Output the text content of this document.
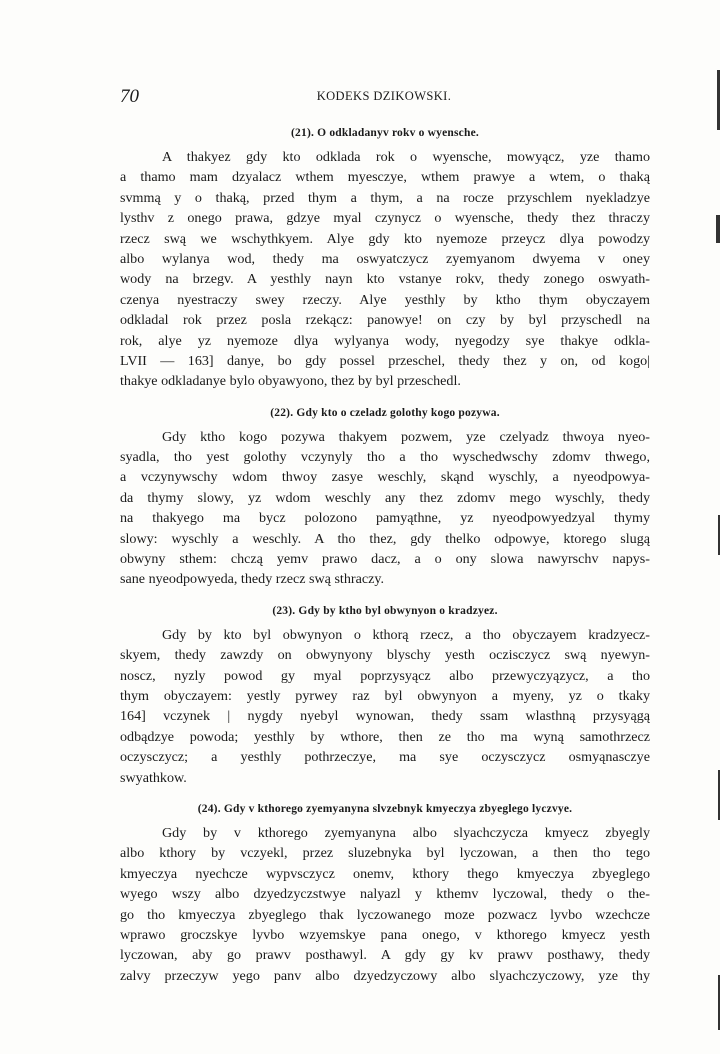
70	KODEKS DZIKOWSKI.
(21). O odkladanyv rokv o wyensche.
A thakyez gdy kto odklada rok o wyensche, mowyącz, yze thamo
a thamo mam dzyalacz wthem myesczye, wthem prawye a wtem, o thaką
svmmą y o thaką, przed thym a thym, a na rocze przyschlem nyekladzye
lysthv z onego prawa, gdzye myal czynycz o wyensche, thedy thez thraczy
rzecz swą we wschythkyem. Alye gdy kto nyemoze przeycz dlya powodzy
albo wylanya wod, thedy ma oswyatczycz zyemyanom dwyema v oney
wody na brzegv. A yesthly nayn kto vstanye rokv, thedy zonego oswyath-
czenya nyestraczy swey rzeczy. Alye yesthly by ktho thym obyczayem
odkladal rok przez posla rzekącz: panowye! on czy by byl przyschedl na
rok, alye yz nyemoze dlya wylyanya wody, nyegodzy sye thakye odkla-
LVII — 163] danye, bo gdy possel przeschel, thedy thez y on, od kogo|
thakye odkladanye bylo obyawyono, thez by byl przeschedl.
(22). Gdy kto o czeladz golothy kogo pozywa.
Gdy ktho kogo pozywa thakyem pozwem, yze czelyadz thwoya nyeo-
syadla, tho yest golothy vczynyly tho a tho wyschedwschy zdomv thwego,
a vczynywschy wdom thwoy zasye weschly, skąnd wyschly, a nyeodpowya-
da thymy slowy, yz wdom weschly any thez zdomv mego wyschly, thedy
na thakyego ma bycz polozono pamyąthne, yz nyeodpowyedzyal thymy
slowy: wyschly a weschly. A tho thez, gdy thelko odpowye, ktorego slugą
obwyny sthem: chczą yemv prawo dacz, a o ony slowa nawyrschv napys-
sane nyeodpowyeda, thedy rzecz swą sthraczy.
(23). Gdy by ktho byl obwynyon o kradzyez.
Gdy by kto byl obwynyon o kthorą rzecz, a tho obyczayem kradzyecz-
skyem, thedy zawzdy on obwynyony blyschy yesth oczisczycz swą nyewyn-
noscz, nyzly powod gy myal poprzysyącz albo przewyczyązycz, a tho
thym obyczayem: yestly pyrwey raz byl obwynyon a myeny, yz o tkaky
164] vczynek | nygdy nyebyl wynowan, thedy ssam wlasthną przysyągą
odbądzye powoda; yesthly by wthore, then ze tho ma wyną samothrzecz
oczysczycz; a yesthly pothrzeczye, ma sye oczysczycz osmyąnasczye
swyathkow.
(24). Gdy v kthorego zyemyanyna slvzebnyk kmyeczya zbyeglego lyczvye.
Gdy by v kthorego zyemyanyna albo slyachczycza kmyecz zbyegly
albo kthory by vczyekl, przez sluzebnyka byl lyczowan, a then tho tego
kmyeczya nyechcze wypvsczycz onemv, kthory thego kmyeczya zbyeglego
wyego wszy albo dzyedzyczstwye nalyazl y kthemv lyczowal, thedy o the-
go tho kmyeczya zbyeglego thak lyczowanego moze pozwacz lyvbo wzechcze
wprawo groczskye lyvbo wzyemskye pana onego, v kthorego kmyecz yesth
lyczowan, aby go prawv posthawyl. A gdy gy kv prawv posthawy, thedy
zalvy przeczyw yego panv albo dzyedzyczowy albo slyachczyczowy, yze thy
